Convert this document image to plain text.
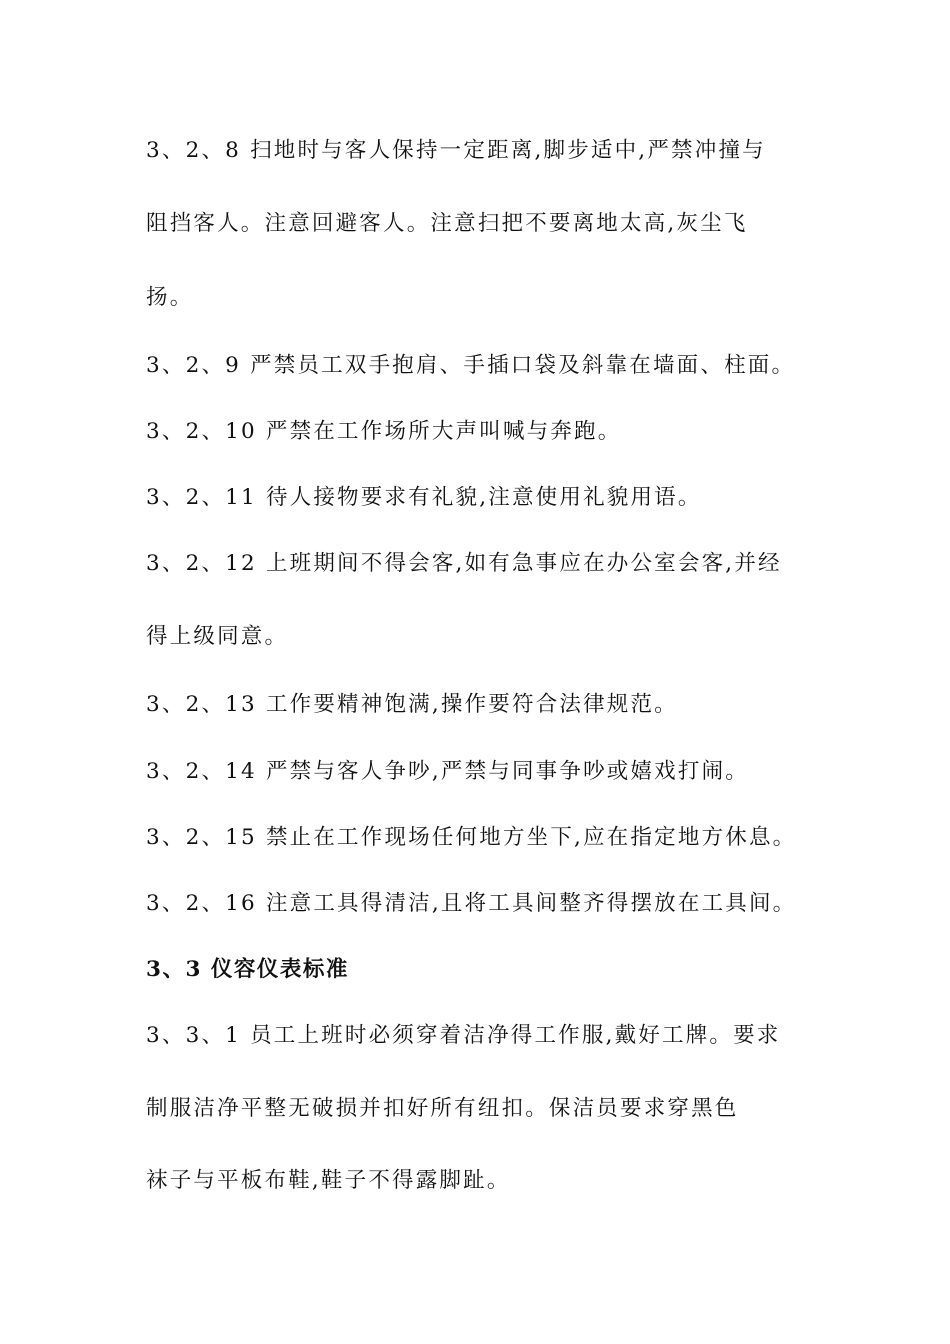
3、2、8 扫地时与客人保持一定距离,脚步适中,严禁冲撞与
阻挡客人。注意回避客人。注意扫把不要离地太高,灰尘飞
扬。
3、2、9 严禁员工双手抱肩、手插口袋及斜靠在墙面、柱面。
3、2、10 严禁在工作场所大声叫喊与奔跑。
3、2、11 待人接物要求有礼貌,注意使用礼貌用语。
3、2、12 上班期间不得会客,如有急事应在办公室会客,并经
得上级同意。
3、2、13 工作要精神饱满,操作要符合法律规范。
3、2、14 严禁与客人争吵,严禁与同事争吵或嬉戏打闹。
3、2、15 禁止在工作现场任何地方坐下,应在指定地方休息。
3、2、16 注意工具得清洁,且将工具间整齐得摆放在工具间。
3、3 仪容仪表标准
3、3、1 员工上班时必须穿着洁净得工作服,戴好工牌。要求
制服洁净平整无破损并扣好所有纽扣。保洁员要求穿黑色
袜子与平板布鞋,鞋子不得露脚趾。
